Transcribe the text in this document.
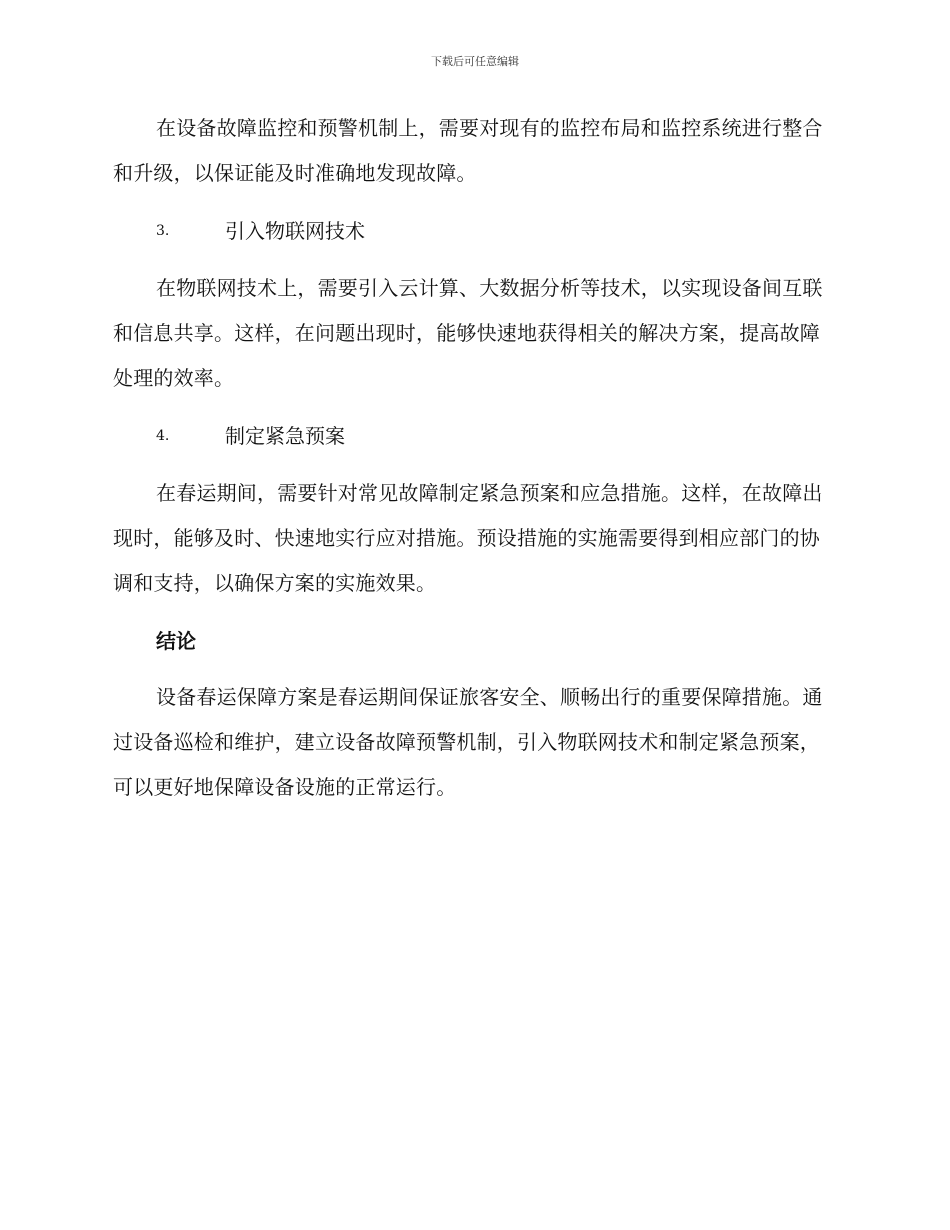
下载后可任意编辑

在设备故障监控和预警机制上，需要对现有的监控布局和监控系统进行整合和升级，以保证能及时准确地发现故障。

3.	引入物联网技术

在物联网技术上，需要引入云计算、大数据分析等技术，以实现设备间互联和信息共享。这样，在问题出现时，能够快速地获得相关的解决方案，提高故障处理的效率。

4.	制定紧急预案

在春运期间，需要针对常见故障制定紧急预案和应急措施。这样，在故障出现时，能够及时、快速地实行应对措施。预设措施的实施需要得到相应部门的协调和支持，以确保方案的实施效果。

结论

设备春运保障方案是春运期间保证旅客安全、顺畅出行的重要保障措施。通过设备巡检和维护，建立设备故障预警机制，引入物联网技术和制定紧急预案，可以更好地保障设备设施的正常运行。
